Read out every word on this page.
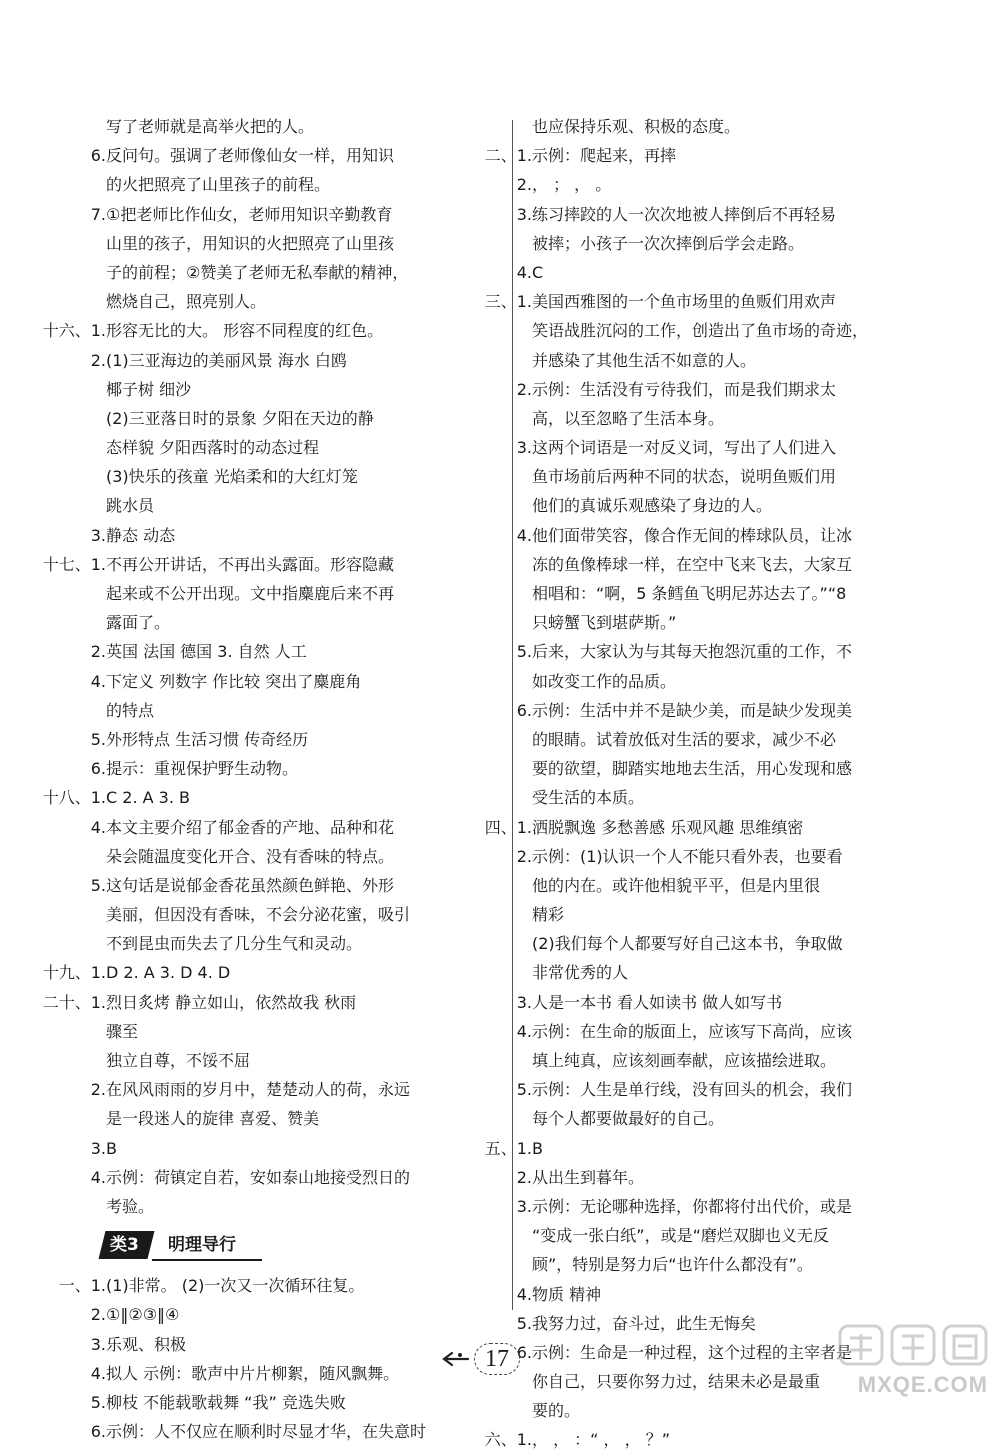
写了老师就是高举火把的人。
6. 反问句。强调了老师像仙女一样，用知识
的火把照亮了山里孩子的前程。
7. ①把老师比作仙女，老师用知识辛勤教育
山里的孩子，用知识的火把照亮了山里孩
子的前程；②赞美了老师无私奉献的精神，
燃烧自己，照亮别人。
十六、1. 形容无比的大。 形容不同程度的红色。
2. (1)三亚海边的美丽风景 海水 白鸥
椰子树 细沙
(2)三亚落日时的景象 夕阳在天边的静
态样貌 夕阳西落时的动态过程
(3)快乐的孩童 光焰柔和的大红灯笼
跳水员
3. 静态 动态
十七、1. 不再公开讲话，不再出头露面。形容隐藏
起来或不公开出现。文中指麋鹿后来不再
露面了。
2. 英国 法国 德国 3. 自然 人工
4. 下定义 列数字 作比较 突出了麋鹿角
的特点
5. 外形特点 生活习惯 传奇经历
6. 提示：重视保护野生动物。
十八、1. C 2. A 3. B
4. 本文主要介绍了郁金香的产地、品种和花
朵会随温度变化开合、没有香味的特点。
5. 这句话是说郁金香花虽然颜色鲜艳、外形
美丽，但因没有香味，不会分泌花蜜，吸引
不到昆虫而失去了几分生气和灵动。
十九、1. D 2. A 3. D 4. D
二十、1. 烈日炙烤 静立如山，依然故我 秋雨
骤至
独立自尊，不馁不屈
2. 在风风雨雨的岁月中，楚楚动人的荷，永远
是一段迷人的旋律 喜爱、赞美
3. B
4. 示例：荷镇定自若，安如泰山地接受烈日的
考验。
类3	明理导行
一、1. (1)非常。 (2)一次又一次循环往复。
2. ①‖②③‖④
3. 乐观、积极
4. 拟人 示例：歌声中片片柳絮，随风飘舞。
5. 柳枝 不能载歌载舞 “我” 竞选失败
6. 示例：人不仅应在顺利时尽显才华，在失意时
也应保持乐观、积极的态度。
二、1. 示例：爬起来，再摔
2. ， ； ， 。
3. 练习摔跤的人一次次地被人摔倒后不再轻易
被摔；小孩子一次次摔倒后学会走路。
4. C
三、1. 美国西雅图的一个鱼市场里的鱼贩们用欢声
笑语战胜沉闷的工作，创造出了鱼市场的奇迹，
并感染了其他生活不如意的人。
2. 示例：生活没有亏待我们，而是我们期求太
高，以至忽略了生活本身。
3. 这两个词语是一对反义词，写出了人们进入
鱼市场前后两种不同的状态，说明鱼贩们用
他们的真诚乐观感染了身边的人。
4. 他们面带笑容，像合作无间的棒球队员，让冰
冻的鱼像棒球一样，在空中飞来飞去，大家互
相唱和：“啊，5 条鳕鱼飞明尼苏达去了。”“8
只螃蟹飞到堪萨斯。”
5. 后来，大家认为与其每天抱怨沉重的工作，不
如改变工作的品质。
6. 示例：生活中并不是缺少美，而是缺少发现美
的眼睛。试着放低对生活的要求，减少不必
要的欲望，脚踏实地地去生活，用心发现和感
受生活的本质。
四、1. 洒脱飘逸 多愁善感 乐观风趣 思维缜密
2. 示例：(1)认识一个人不能只看外表，也要看
他的内在。或许他相貌平平，但是内里很
精彩
(2)我们每个人都要写好自己这本书，争取做
非常优秀的人
3. 人是一本书 看人如读书 做人如写书
4. 示例：在生命的版面上，应该写下高尚，应该
填上纯真，应该刻画奉献，应该描绘进取。
5. 示例：人生是单行线，没有回头的机会，我们
每个人都要做最好的自己。
五、1. B
2. 从出生到暮年。
3. 示例：无论哪种选择，你都将付出代价，或是
“变成一张白纸”，或是“磨烂双脚也义无反
顾”，特别是努力后“也许什么都没有”。
4. 物质 精神
5. 我努力过，奋斗过，此生无悔矣
6. 示例：生命是一种过程，这个过程的主宰者是
你自己，只要你努力过，结果未必是最重
要的。
六、1. ， ， ：“ ， ， ？”
17
MXQE.COM
